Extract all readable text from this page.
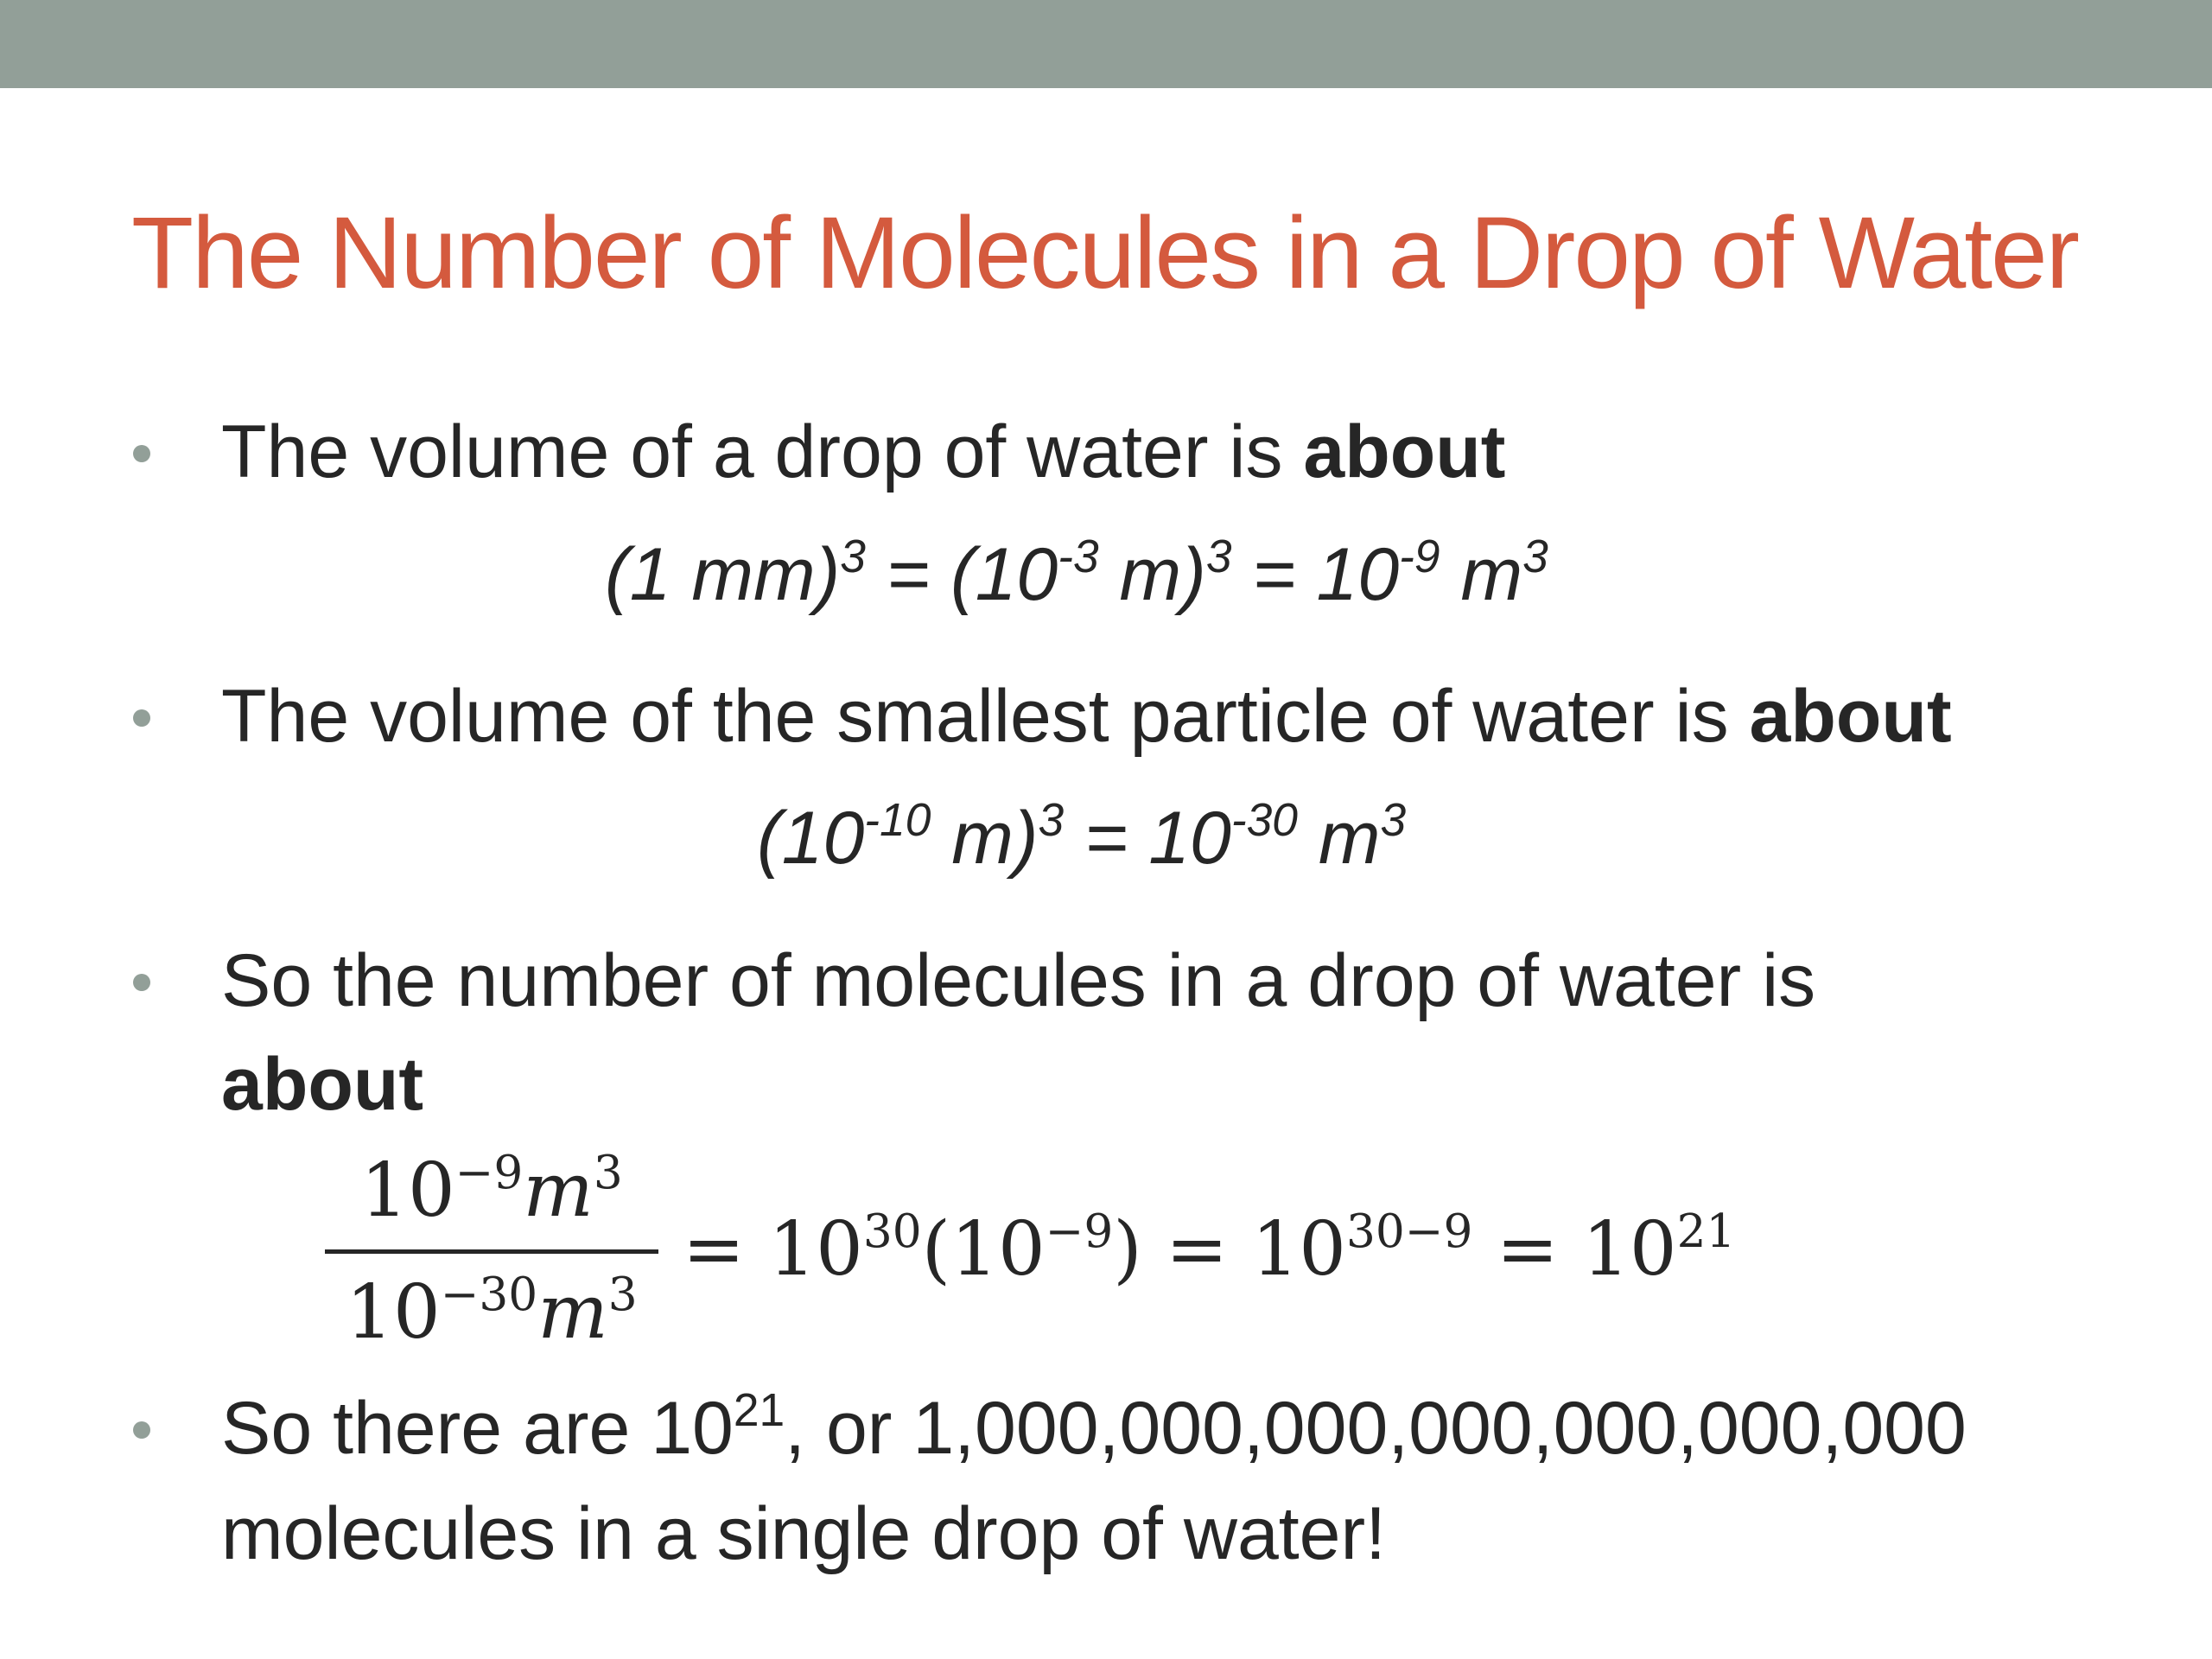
The Number of Molecules in a Drop of Water
The volume of a drop of water is about
(1 $mm)^3 = (10^{-3}$ $m)^3 = 10^{-9}$ $m^3$
The volume of the smallest particle of water is about
($10^{-10}$ $m)^3 = 10^{-30}$ $m^3$
So the number of molecules in a drop of water is
about
$10^{-9}m^3$
$10^{-30}m^3$
= $10^{30}(10^{-9}) = 10^{30-9} = 10^{21}$
So there are $10^{21}$, or 1,000,000,000,000,000,000,000
molecules in a single drop of water!
